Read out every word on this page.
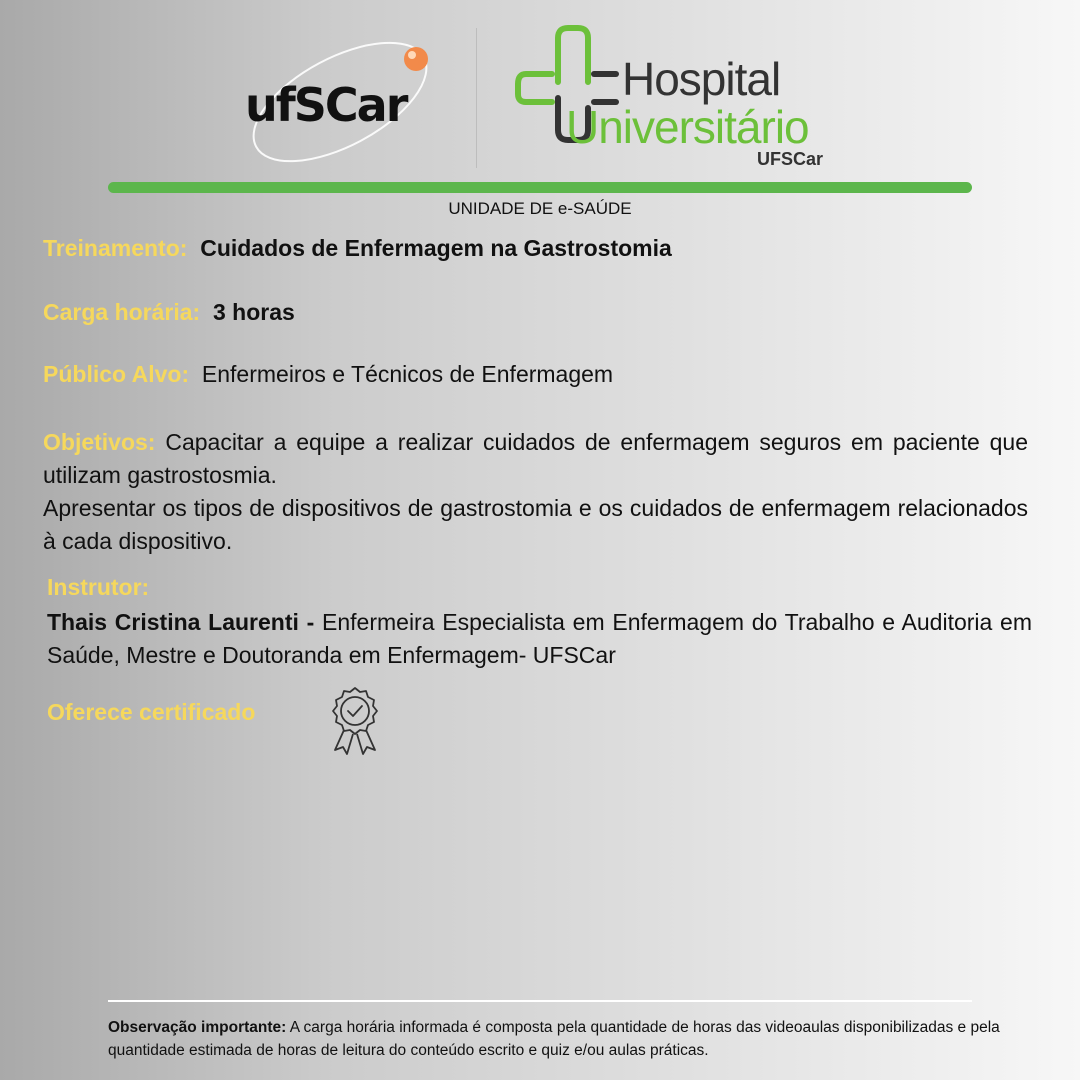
ufSCar	Hospital
Universitário
UFSCar
UNIDADE DE e-SAÚDE
Treinamento: Cuidados de Enfermagem na Gastrostomia
Carga horária: 3 horas
Público Alvo: Enfermeiros e Técnicos de Enfermagem

Objetivos: Capacitar a equipe a realizar cuidados de enfermagem seguros em paciente que utilizam gastrostosmia.

Apresentar os tipos de dispositivos de gastrostomia e os cuidados de enfermagem relacionados à cada dispositivo.

Instrutor:
Thais Cristina Laurenti - Enfermeira Especialista em Enfermagem do Trabalho e Auditoria em Saúde, Mestre e Doutoranda em Enfermagem- UFSCar
Oferece certificado
Observação importante: A carga horária informada é composta pela quantidade de horas das videoaulas disponibilizadas e pela quantidade estimada de horas de leitura do conteúdo escrito e quiz e/ou aulas práticas.
